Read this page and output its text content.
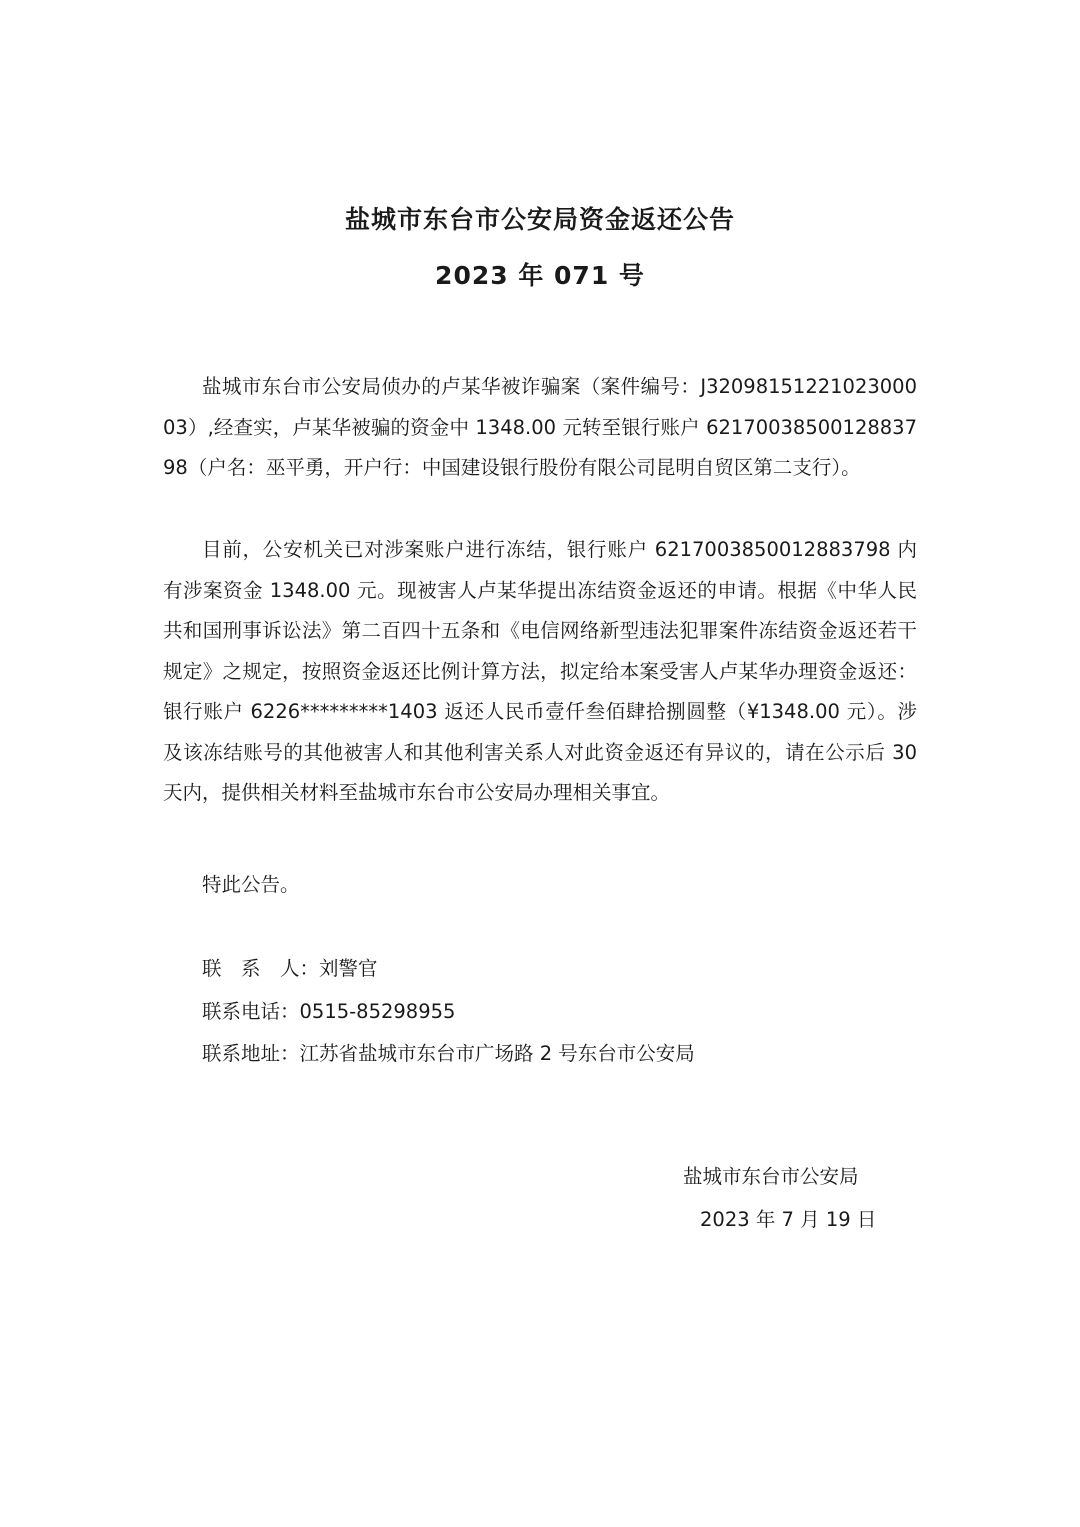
盐城市东台市公安局资金返还公告
2023 年 071 号

盐城市东台市公安局侦办的卢某华被诈骗案（案件编号：J3209815122102300003）,经查实，卢某华被骗的资金中 1348.00 元转至银行账户 6217003850012883798（户名：巫平勇，开户行：中国建设银行股份有限公司昆明自贸区第二支行）。

目前，公安机关已对涉案账户进行冻结，银行账户 6217003850012883798 内有涉案资金 1348.00 元。现被害人卢某华提出冻结资金返还的申请。根据《中华人民共和国刑事诉讼法》第二百四十五条和《电信网络新型违法犯罪案件冻结资金返还若干规定》之规定，按照资金返还比例计算方法，拟定给本案受害人卢某华办理资金返还：银行账户 6226*********1403 返还人民币壹仟叁佰肆拾捌圆整（¥1348.00 元）。涉及该冻结账号的其他被害人和其他利害关系人对此资金返还有异议的，请在公示后 30 天内，提供相关材料至盐城市东台市公安局办理相关事宜。

特此公告。

联　系　人：刘警官

联系电话：0515-85298955

联系地址：江苏省盐城市东台市广场路 2 号东台市公安局

盐城市东台市公安局

2023 年 7 月 19 日
